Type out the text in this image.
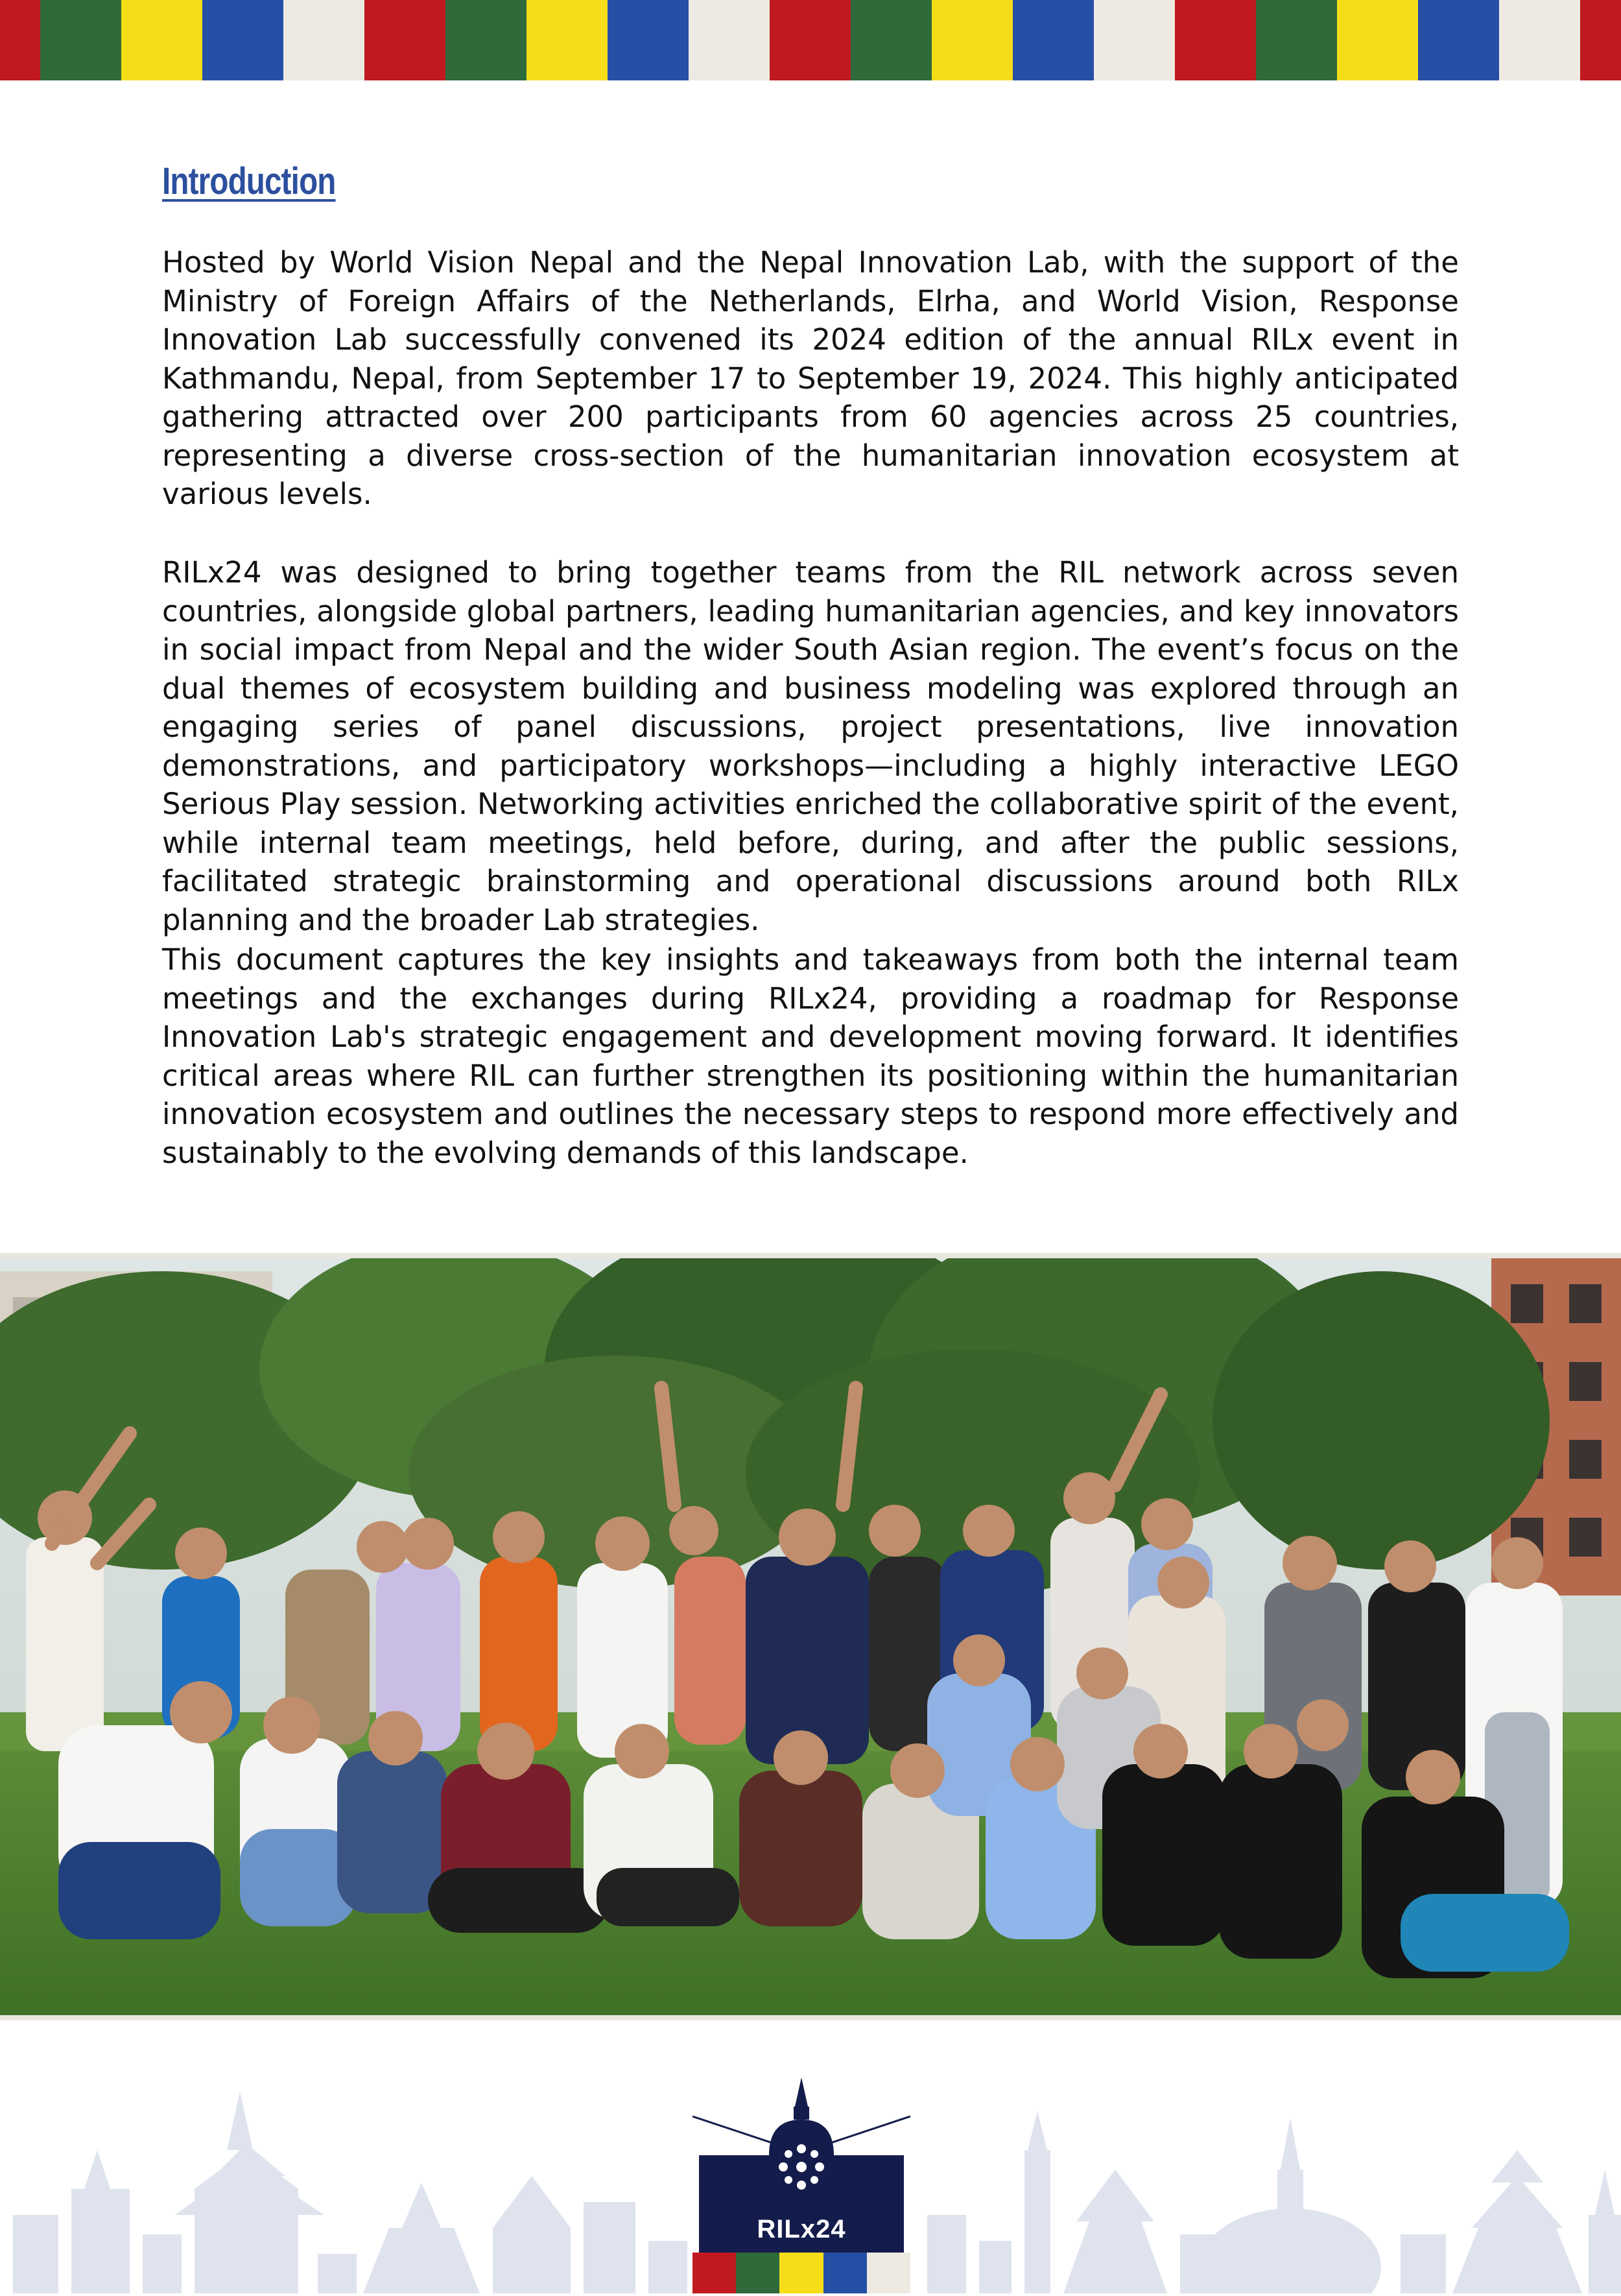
Introduction

Hosted by World Vision Nepal and the Nepal Innovation Lab, with the support of the Ministry of Foreign Affairs of the Netherlands, Elrha, and World Vision, Response Innovation Lab successfully convened its 2024 edition of the annual RILx event in Kathmandu, Nepal, from September 17 to September 19, 2024. This highly anticipated gathering attracted over 200 participants from 60 agencies across 25 countries, representing a diverse cross-section of the humanitarian innovation ecosystem at various levels.

RILx24 was designed to bring together teams from the RIL network across seven countries, alongside global partners, leading humanitarian agencies, and key innovators in social impact from Nepal and the wider South Asian region. The event’s focus on the dual themes of ecosystem building and business modeling was explored through an engaging series of panel discussions, project presentations, live innovation demonstrations, and participatory workshops—including a highly interactive LEGO Serious Play session. Networking activities enriched the collaborative spirit of the event, while internal team meetings, held before, during, and after the public sessions, facilitated strategic brainstorming and operational discussions around both RILx planning and the broader Lab strategies.

This document captures the key insights and takeaways from both the internal team meetings and the exchanges during RILx24, providing a roadmap for Response Innovation Lab's strategic engagement and development moving forward. It identifies critical areas where RIL can further strengthen its positioning within the humanitarian innovation ecosystem and outlines the necessary steps to respond more effectively and sustainably to the evolving demands of this landscape.

RILx24
